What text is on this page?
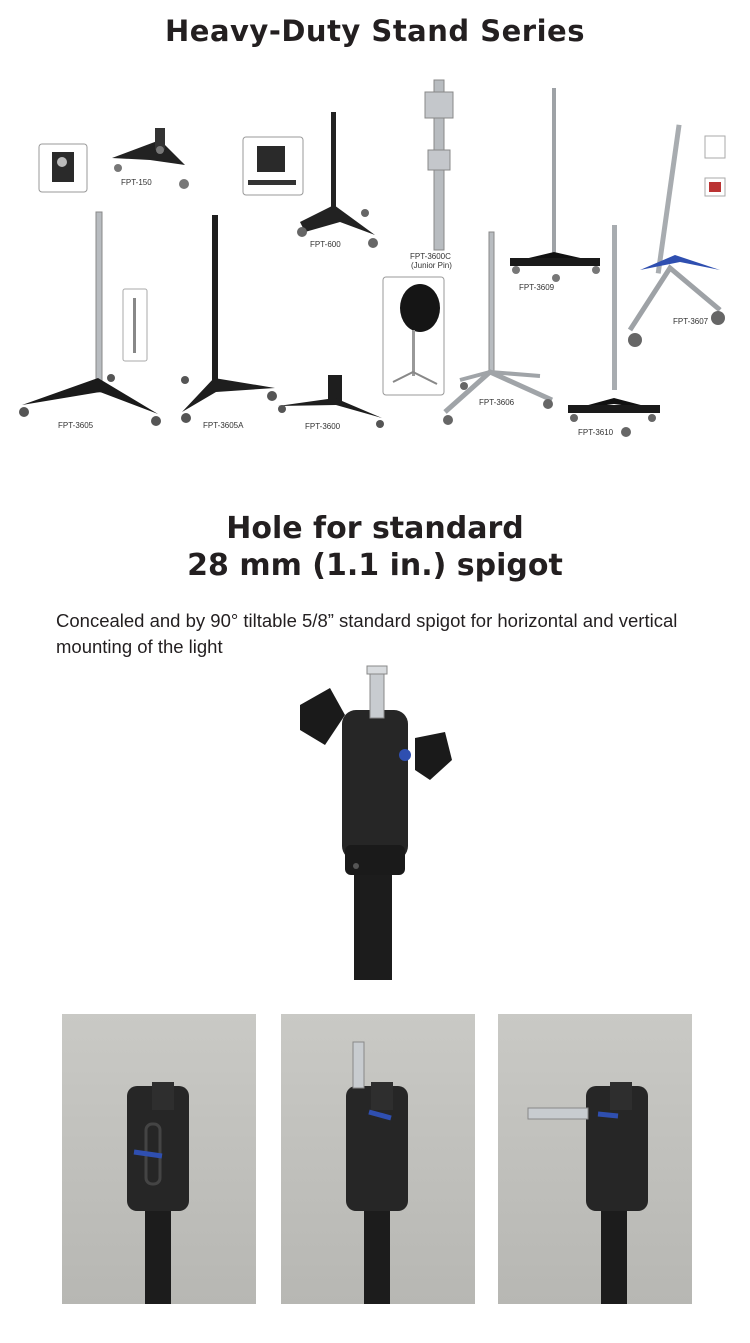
Heavy-Duty Stand Series
FPT-150
FPT-600
FPT-3600C
(Junior Pin)
FPT-3609
FPT-3607
FPT-3605	FPT-3605A	FPT-3600
FPT-3606
FPT-3610
Hole for standard
28 mm (1.1 in.) spigot
Concealed and by 90° tiltable 5/8” standard spigot for horizontal and vertical mounting of the light
